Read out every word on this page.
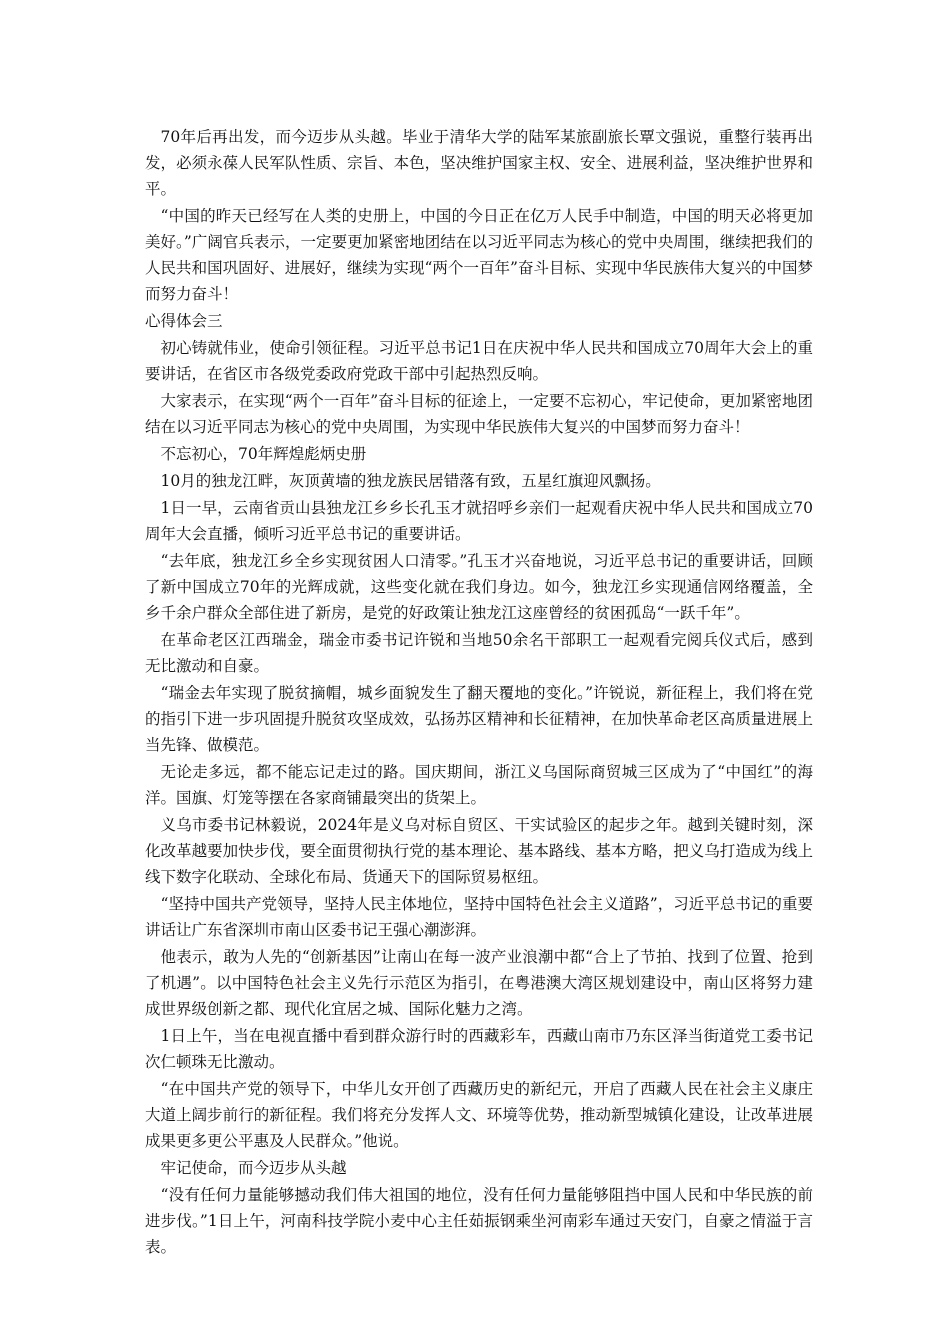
70年后再出发，而今迈步从头越。毕业于清华大学的陆军某旅副旅长覃文强说，重整行装再出发，必须永葆人民军队性质、宗旨、本色，坚决维护国家主权、安全、进展利益，坚决维护世界和平。

“中国的昨天已经写在人类的史册上，中国的今日正在亿万人民手中制造，中国的明天必将更加美好。”广阔官兵表示，一定要更加紧密地团结在以习近平同志为核心的党中央周围，继续把我们的人民共和国巩固好、进展好，继续为实现“两个一百年”奋斗目标、实现中华民族伟大复兴的中国梦而努力奋斗！

心得体会三

初心铸就伟业，使命引领征程。习近平总书记1日在庆祝中华人民共和国成立70周年大会上的重要讲话，在省区市各级党委政府党政干部中引起热烈反响。

大家表示，在实现“两个一百年”奋斗目标的征途上，一定要不忘初心，牢记使命，更加紧密地团结在以习近平同志为核心的党中央周围，为实现中华民族伟大复兴的中国梦而努力奋斗！

不忘初心，70年辉煌彪炳史册

10月的独龙江畔，灰顶黄墙的独龙族民居错落有致，五星红旗迎风飘扬。

1日一早，云南省贡山县独龙江乡乡长孔玉才就招呼乡亲们一起观看庆祝中华人民共和国成立70周年大会直播，倾听习近平总书记的重要讲话。

“去年底，独龙江乡全乡实现贫困人口清零。”孔玉才兴奋地说，习近平总书记的重要讲话，回顾了新中国成立70年的光辉成就，这些变化就在我们身边。如今，独龙江乡实现通信网络覆盖，全乡千余户群众全部住进了新房，是党的好政策让独龙江这座曾经的贫困孤岛“一跃千年”。

在革命老区江西瑞金，瑞金市委书记许锐和当地50余名干部职工一起观看完阅兵仪式后，感到无比激动和自豪。

“瑞金去年实现了脱贫摘帽，城乡面貌发生了翻天覆地的变化。”许锐说，新征程上，我们将在党的指引下进一步巩固提升脱贫攻坚成效，弘扬苏区精神和长征精神，在加快革命老区高质量进展上当先锋、做模范。

无论走多远，都不能忘记走过的路。国庆期间，浙江义乌国际商贸城三区成为了“中国红”的海洋。国旗、灯笼等摆在各家商铺最突出的货架上。

义乌市委书记林毅说，2024年是义乌对标自贸区、干实试验区的起步之年。越到关键时刻，深化改革越要加快步伐，要全面贯彻执行党的基本理论、基本路线、基本方略，把义乌打造成为线上线下数字化联动、全球化布局、货通天下的国际贸易枢纽。

“坚持中国共产党领导，坚持人民主体地位，坚持中国特色社会主义道路”，习近平总书记的重要讲话让广东省深圳市南山区委书记王强心潮澎湃。

他表示，敢为人先的“创新基因”让南山在每一波产业浪潮中都“合上了节拍、找到了位置、抢到了机遇”。以中国特色社会主义先行示范区为指引，在粤港澳大湾区规划建设中，南山区将努力建成世界级创新之都、现代化宜居之城、国际化魅力之湾。

1日上午，当在电视直播中看到群众游行时的西藏彩车，西藏山南市乃东区泽当街道党工委书记次仁顿珠无比激动。

“在中国共产党的领导下，中华儿女开创了西藏历史的新纪元，开启了西藏人民在社会主义康庄大道上阔步前行的新征程。我们将充分发挥人文、环境等优势，推动新型城镇化建设，让改革进展成果更多更公平惠及人民群众。”他说。

牢记使命，而今迈步从头越

“没有任何力量能够撼动我们伟大祖国的地位，没有任何力量能够阻挡中国人民和中华民族的前进步伐。”1日上午，河南科技学院小麦中心主任茹振钢乘坐河南彩车通过天安门，自豪之情溢于言表。
